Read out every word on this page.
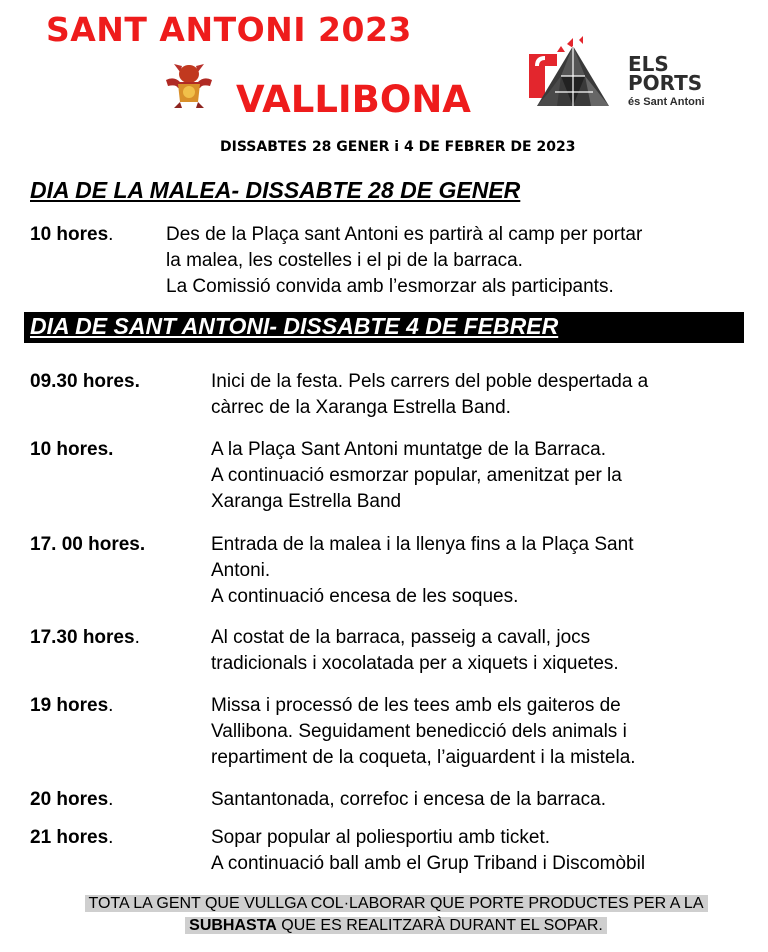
SANT ANTONI 2023
VALLIBONA
ELS
PORTS
és Sant Antoni
DISSABTES 28 GENER i 4 DE FEBRER DE 2023
DIA DE LA MALEA- DISSABTE 28 DE GENER
10 hores.	Des de la Plaça sant Antoni es partirà al camp per portar
la malea, les costelles i el pi de la barraca.
La Comissió convida amb l’esmorzar als participants.
DIA DE SANT ANTONI- DISSABTE 4 DE FEBRER
09.30 hores.	Inici de la festa. Pels carrers del poble despertada a
càrrec de la Xaranga Estrella Band.
10 hores.	A la Plaça Sant Antoni muntatge de la Barraca.
A continuació esmorzar popular, amenitzat per la
Xaranga Estrella Band
17. 00 hores.	Entrada de la malea i la llenya fins a la Plaça Sant
Antoni.
A continuació encesa de les soques.
17.30 hores.	Al costat de la barraca, passeig a cavall, jocs
tradicionals i xocolatada per a xiquets i xiquetes.
19 hores.	Missa i processó de les tees amb els gaiteros de
Vallibona. Seguidament benedicció dels animals i
repartiment de la coqueta, l’aiguardent i la mistela.
20 hores.	Santantonada, correfoc i encesa de la barraca.
21 hores.	Sopar popular al poliesportiu amb ticket.
A continuació ball amb el Grup Triband i Discomòbil
TOTA LA GENT QUE VULLGA COL·LABORAR QUE PORTE PRODUCTES PER A LA
SUBHASTA QUE ES REALITZARÀ DURANT EL SOPAR.
